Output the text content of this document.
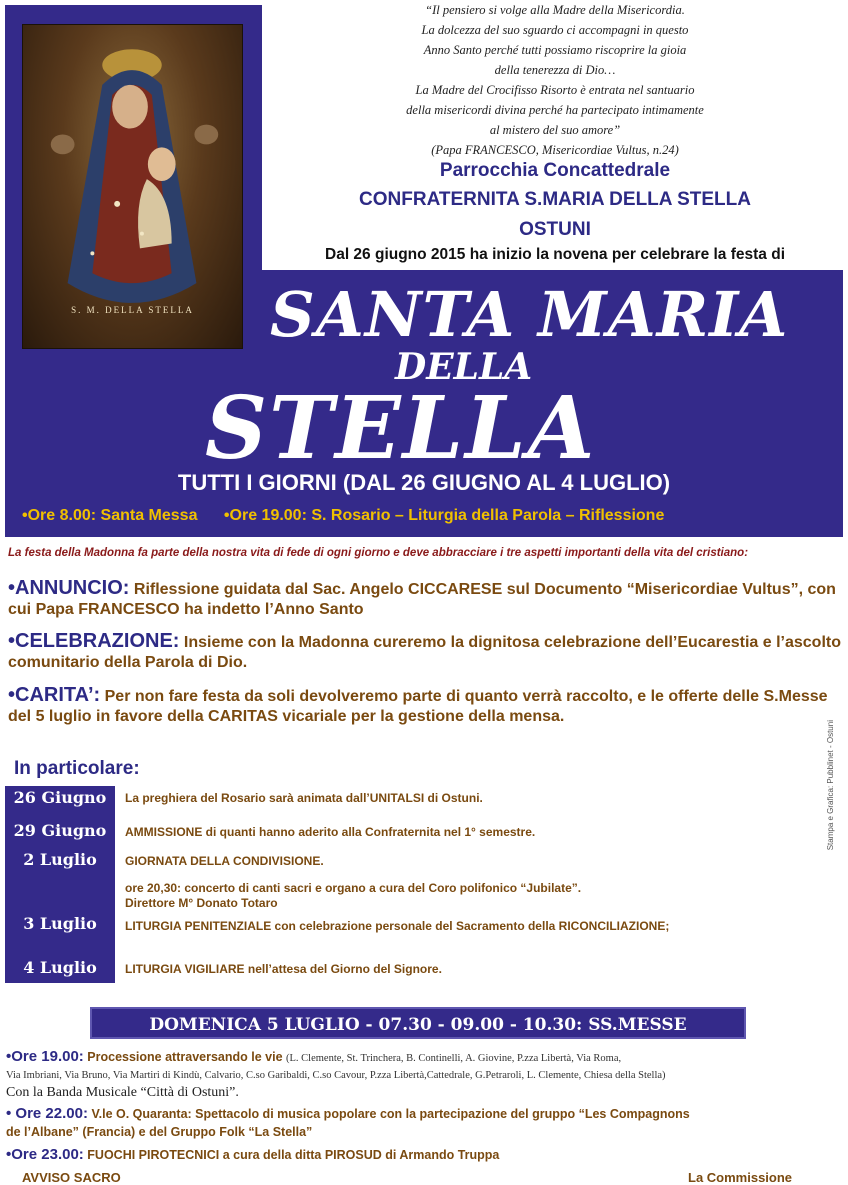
S. M. DELLA STELLA

“Il pensiero si volge alla Madre della Misericordia.

La dolcezza del suo sguardo ci accompagni in questo

Anno Santo perché tutti possiamo riscoprire la gioia

della tenerezza di Dio…

La Madre del Crocifisso Risorto è entrata nel santuario

della misericordi divina perché ha partecipato intimamente

al mistero del suo amore”

(Papa FRANCESCO, Misericordiae Vultus, n.24)

Parrocchia Concattedrale
CONFRATERNITA S.MARIA DELLA STELLA
OSTUNI
Dal 26 giugno 2015 ha inizio la novena per celebrare la festa di
SANTA MARIA
DELLA
STELLA
TUTTI I GIORNI (DAL 26 GIUGNO AL 4 LUGLIO)
•Ore 8.00: Santa Messa •Ore 19.00: S. Rosario – Liturgia della Parola – Riflessione
La festa della Madonna fa parte della nostra vita di fede di ogni giorno e deve abbracciare i tre aspetti importanti della vita del cristiano:
•ANNUNCIO: Riflessione guidata dal Sac. Angelo CICCARESE sul Documento “Misericordiae Vultus”, con cui Papa FRANCESCO ha indetto l’Anno Santo
•CELEBRAZIONE: Insieme con la Madonna cureremo la dignitosa celebrazione dell’Eucarestia e l’ascolto comunitario della Parola di Dio.
•CARITA’: Per non fare festa da soli devolveremo parte di quanto verrà raccolto, e le offerte delle S.Messe del 5 luglio in favore della CARITAS vicariale per la gestione della mensa.
In particolare:	Stampa e Grafica: Pubblinet - Ostuni
26 Giugno	La preghiera del Rosario sarà animata dall’UNITALSI di Ostuni.
29 Giugno	AMMISSIONE di quanti hanno aderito alla Confraternita nel 1° semestre.
2 Luglio	GIORNATA DELLA CONDIVISIONE.
ore 20,30: concerto di canti sacri e organo a cura del Coro polifonico “Jubilate”.
Direttore M° Donato Totaro
3 Luglio	LITURGIA PENITENZIALE con celebrazione personale del Sacramento della RICONCILIAZIONE;
4 Luglio	LITURGIA VIGILIARE nell’attesa del Giorno del Signore.
DOMENICA 5 LUGLIO - 07.30 - 09.00 - 10.30: SS.MESSE
•Ore 19.00: Processione attraversando le vie (L. Clemente, St. Trinchera, B. Continelli, A. Giovine, P.zza Libertà, Via Roma,
Via Imbriani, Via Bruno, Via Martiri di Kindù, Calvario, C.so Garibaldi, C.so Cavour, P.zza Libertà,Cattedrale, G.Petraroli, L. Clemente, Chiesa della Stella)
Con la Banda Musicale “Città di Ostuni”.
• Ore 22.00: V.le O. Quaranta: Spettacolo di musica popolare con la partecipazione del gruppo “Les Compagnons
de l’Albane” (Francia) e del Gruppo Folk “La Stella”
•Ore 23.00: FUOCHI PIROTECNICI a cura della ditta PIROSUD di Armando Truppa
AVVISO SACRO	La Commissione
